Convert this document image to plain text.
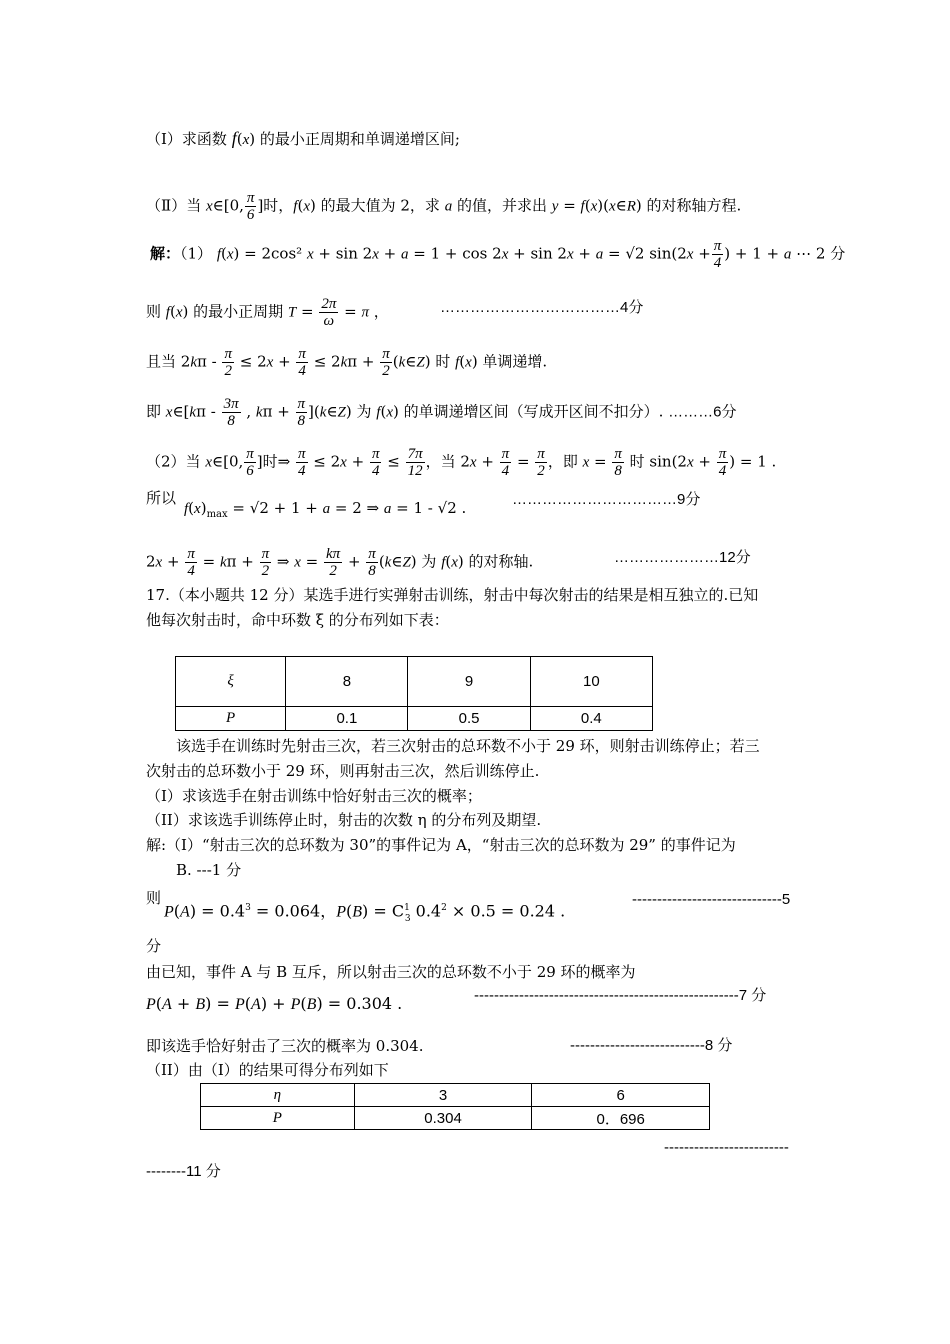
（Ⅰ）求函数 f(x) 的最小正周期和单调递增区间;
（Ⅱ）当 x∈[0, $\frac{\pi}{6}$ ]时，f(x) 的最大值为 2，求 a 的值，并求出 y = f(x)(x∈R) 的对称轴方程.
解：（1） f(x) = 2cos² x + sin 2x + a = 1 + cos 2x + sin 2x + a = √2 $\sin(2x + \frac{\pi}{4}$ ) + 1 + a ⋯ 2 分
则 f(x) 的最小正周期 $T = \frac{2\pi}{\omega} = \pi$ ，	………………………………4分
且当 $2k\pi - \frac{\pi}{2} \le 2x + \frac{\pi}{4} \le 2k\pi + \frac{\pi}{2}$ (k∈Z) 时 f(x) 单调递增.
即 x∈[kπ - $\frac{3\pi}{8}$ , $k\pi + \frac{\pi}{8}$ ](k∈Z) 为 f(x) 的单调递增区间（写成开区间不扣分）. ………6分
（2）当 x∈[0, $\frac{\pi}{6}$ ]时⇒ $\frac{\pi}{4} \le 2x + \frac{\pi}{4} \le \frac{7\pi}{12}$ ，当 $2x + \frac{\pi}{4} = \frac{\pi}{2}$ ，即 $x = \frac{\pi}{8}$ 时 $\sin(2x + \frac{\pi}{4}$ ) = 1 .
所以
$f(x)_{max} = √2 + 1 + a = 2$ ⇒ a = 1 - √2 .	……………………………9分
$2x + \frac{\pi}{4} = k\pi + \frac{\pi}{2}$ ⇒ $x = \frac{k\pi}{2} + \frac{\pi}{8}$ (k∈Z) 为 f(x) 的对称轴.	…………………12分
17.（本小题共 12 分）某选手进行实弹射击训练，射击中每次射击的结果是相互独立的.已知
他每次射击时，命中环数 ξ 的分布列如下表：
ξ	8	9	10
P	0.1	0.5	0.4
该选手在训练时先射击三次，若三次射击的总环数不小于 29 环，则射击训练停止；若三
次射击的总环数小于 29 环，则再射击三次，然后训练停止.
（I）求该选手在射击训练中恰好射击三次的概率；
（II）求该选手训练停止时，射击的次数 η 的分布列及期望.
解:（I）“射击三次的总环数为 30”的事件记为 A，“射击三次的总环数为 29” 的事件记为
B. ---1 分
则
$P(A) = 0.4^3 = 0.064$，$P(B) = C^1_3$ $0.4^2 \times 0.5 = 0.24$ .
------------------------------5
分
由已知，事件 A 与 B 互斥，所以射击三次的总环数不小于 29 环的概率为
P(A + B) = P(A) + P(B) = 0.304 .	-----------------------------------------------------7 分
即该选手恰好射击了三次的概率为 0.304.	---------------------------8 分
（II）由（Ⅰ）的结果可得分布列如下
η	3	6
P	0.304	0．696
-------------------------
--------11 分
